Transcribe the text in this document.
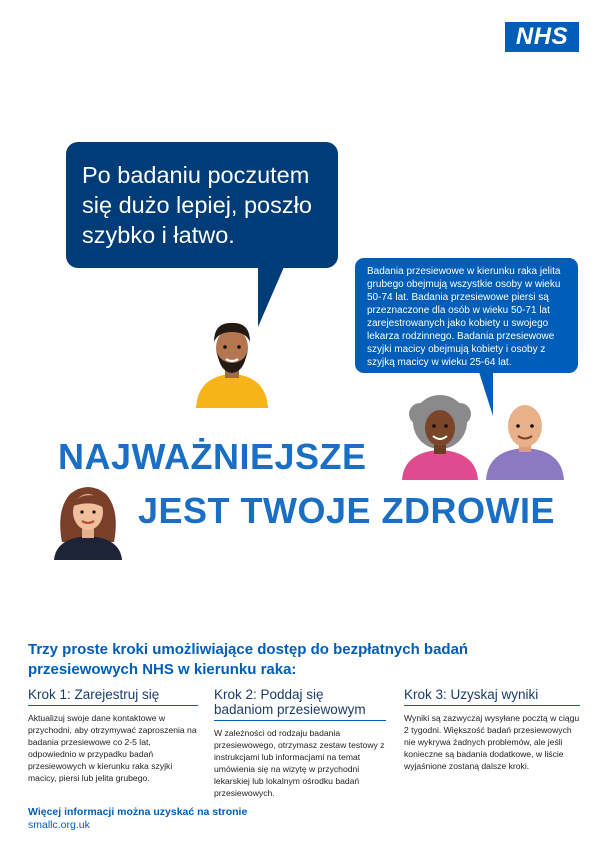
NHS
Po badaniu poczutem się dużo lepiej, poszło szybko i łatwo.
Badania przesiewowe w kierunku raka jelita grubego obejmują wszystkie osoby w wieku 50-74 lat. Badania przesiewowe piersi są przeznaczone dla osób w wieku 50-71 lat zarejestrowanych jako kobiety u swojego lekarza rodzinnego. Badania przesiewowe szyjki macicy obejmują kobiety i osoby z szyjką macicy w wieku 25-64 lat.
NAJWAŻNIEJSZE
JEST TWOJE ZDROWIE
Trzy proste kroki umożliwiające dostęp do bezpłatnych badań przesiewowych NHS w kierunku raka:
Krok 1: Zarejestruj się
Aktualizuj swoje dane kontaktowe w przychodni, aby otrzymywać zaproszenia na badania przesiewowe co 2-5 lat, odpowiednio w przypadku badań przesiewowych w kierunku raka szyjki macicy, piersi lub jelita grubego.
Krok 2: Poddaj się badaniom przesiewowym
W zależności od rodzaju badania przesiewowego, otrzymasz zestaw testowy z instrukcjami lub informacjami na temat umówienia się na wizytę w przychodni lekarskiej lub lokalnym ośrodku badań przesiewowych.
Krok 3: Uzyskaj wyniki
Wyniki są zazwyczaj wysyłane pocztą w ciągu 2 tygodni. Większość badań przesiewowych nie wykrywa żadnych problemów, ale jeśli konieczne są badania dodatkowe, w liście wyjaśnione zostaną dalsze kroki.
Więcej informacji można uzyskać na stronie
smallc.org.uk
